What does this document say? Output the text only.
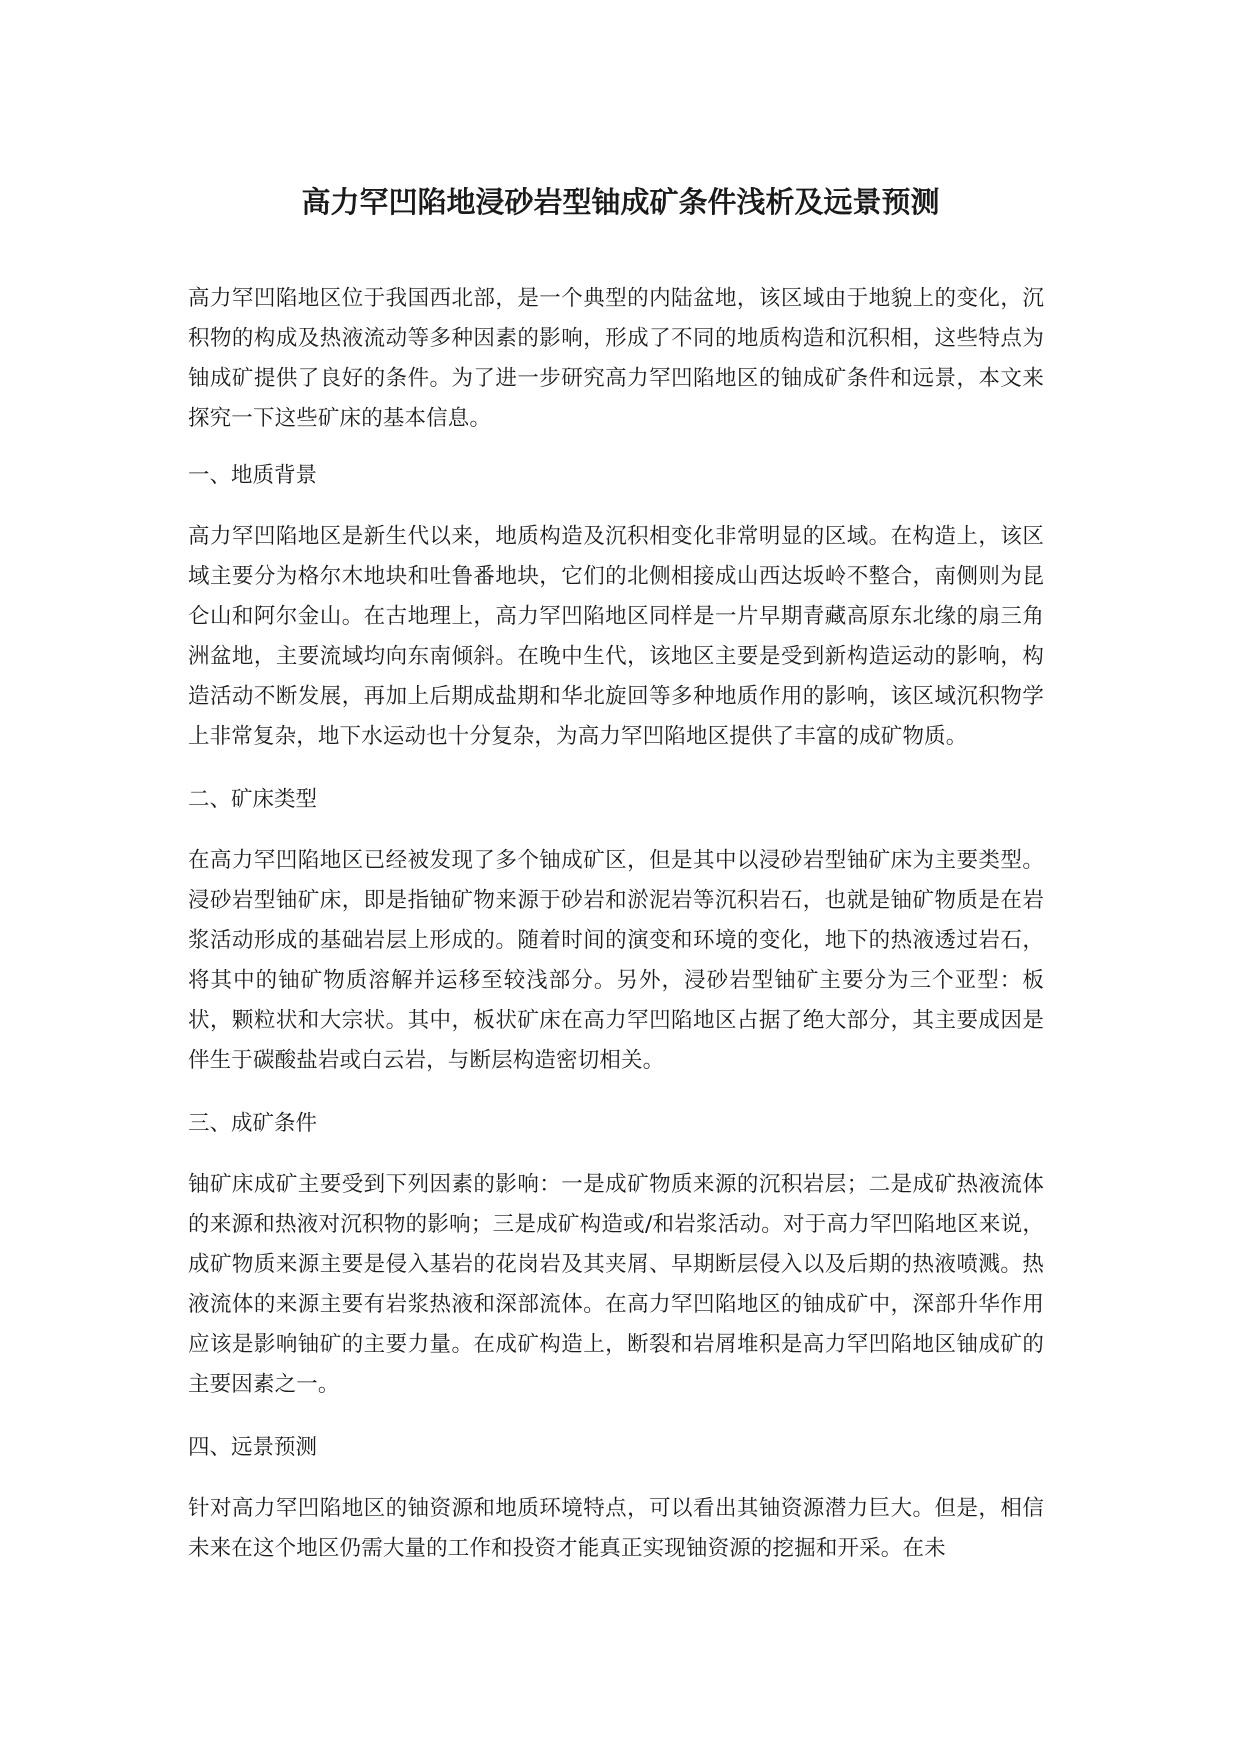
高力罕凹陷地浸砂岩型铀成矿条件浅析及远景预测

高力罕凹陷地区位于我国西北部，是一个典型的内陆盆地，该区域由于地貌上的变化，沉积物的构成及热液流动等多种因素的影响，形成了不同的地质构造和沉积相，这些特点为铀成矿提供了良好的条件。为了进一步研究高力罕凹陷地区的铀成矿条件和远景，本文来探究一下这些矿床的基本信息。

一、地质背景

高力罕凹陷地区是新生代以来，地质构造及沉积相变化非常明显的区域。在构造上，该区域主要分为格尔木地块和吐鲁番地块，它们的北侧相接成山西达坂岭不整合，南侧则为昆仑山和阿尔金山。在古地理上，高力罕凹陷地区同样是一片早期青藏高原东北缘的扇三角洲盆地，主要流域均向东南倾斜。在晚中生代，该地区主要是受到新构造运动的影响，构造活动不断发展，再加上后期成盐期和华北旋回等多种地质作用的影响，该区域沉积物学上非常复杂，地下水运动也十分复杂，为高力罕凹陷地区提供了丰富的成矿物质。

二、矿床类型

在高力罕凹陷地区已经被发现了多个铀成矿区，但是其中以浸砂岩型铀矿床为主要类型。浸砂岩型铀矿床，即是指铀矿物来源于砂岩和淤泥岩等沉积岩石，也就是铀矿物质是在岩浆活动形成的基础岩层上形成的。随着时间的演变和环境的变化，地下的热液透过岩石，将其中的铀矿物质溶解并运移至较浅部分。另外，浸砂岩型铀矿主要分为三个亚型：板状，颗粒状和大宗状。其中，板状矿床在高力罕凹陷地区占据了绝大部分，其主要成因是伴生于碳酸盐岩或白云岩，与断层构造密切相关。

三、成矿条件

铀矿床成矿主要受到下列因素的影响：一是成矿物质来源的沉积岩层；二是成矿热液流体的来源和热液对沉积物的影响；三是成矿构造或/和岩浆活动。对于高力罕凹陷地区来说，成矿物质来源主要是侵入基岩的花岗岩及其夹屑、早期断层侵入以及后期的热液喷溅。热液流体的来源主要有岩浆热液和深部流体。在高力罕凹陷地区的铀成矿中，深部升华作用应该是影响铀矿的主要力量。在成矿构造上，断裂和岩屑堆积是高力罕凹陷地区铀成矿的主要因素之一。

四、远景预测

针对高力罕凹陷地区的铀资源和地质环境特点，可以看出其铀资源潜力巨大。但是，相信未来在这个地区仍需大量的工作和投资才能真正实现铀资源的挖掘和开采。在未
